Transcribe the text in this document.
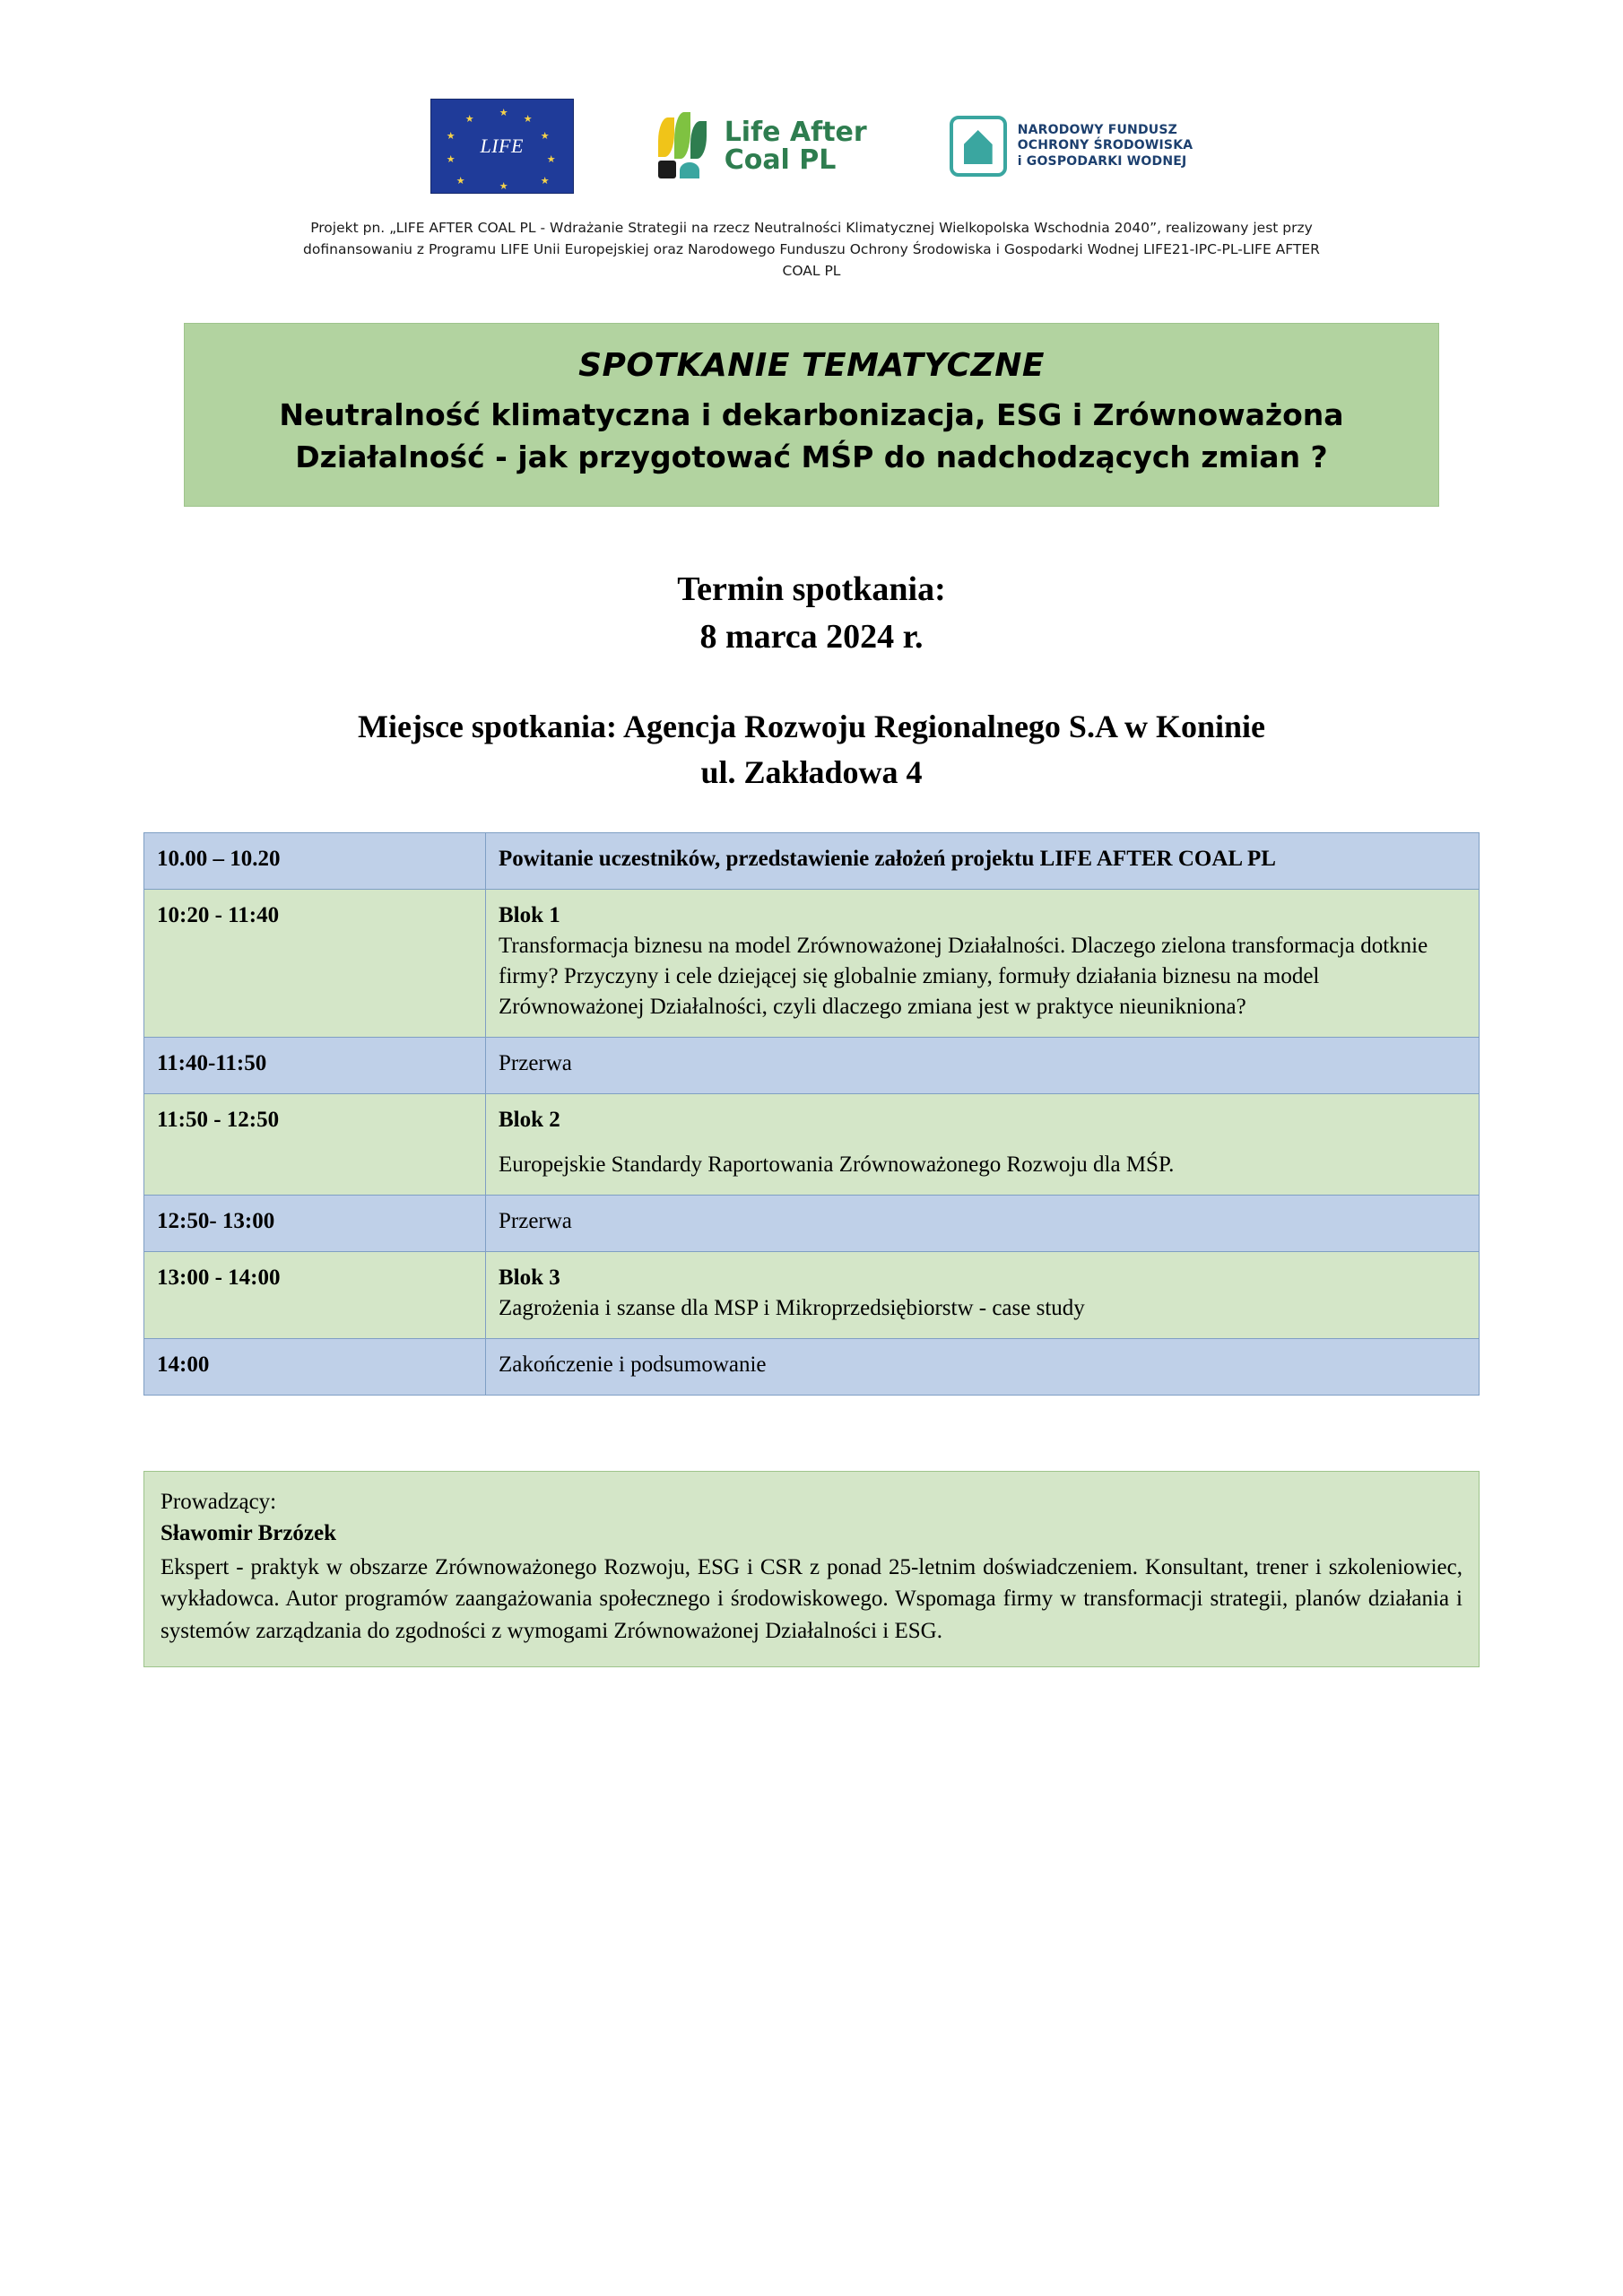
★
★
★
★
★
★
★
★
★
★
LIFE	Life After
Coal PL
NARODOWY FUNDUSZ
OCHRONY ŚRODOWISKA
i GOSPODARKI WODNEJ
Projekt pn. „LIFE AFTER COAL PL - Wdrażanie Strategii na rzecz Neutralności Klimatycznej Wielkopolska Wschodnia 2040”, realizowany jest przy dofinansowaniu z Programu LIFE Unii Europejskiej oraz Narodowego Funduszu Ochrony Środowiska i Gospodarki Wodnej LIFE21-IPC-PL-LIFE AFTER COAL PL
SPOTKANIE TEMATYCZNE
Neutralność klimatyczna i dekarbonizacja, ESG i Zrównoważona Działalność - jak przygotować MŚP do nadchodzących zmian ?
Termin spotkania:
8 marca 2024 r.
Miejsce spotkania: Agencja Rozwoju Regionalnego S.A w Koninie
ul. Zakładowa 4
10.00 – 10.20	Powitanie uczestników, przedstawienie założeń projektu LIFE AFTER COAL PL
10:20 - 11:40	Blok 1
Transformacja biznesu na model Zrównoważonej Działalności. Dlaczego zielona transformacja dotknie firmy? Przyczyny i cele dziejącej się globalnie zmiany, formuły działania biznesu na model Zrównoważonej Działalności, czyli dlaczego zmiana jest w praktyce nieunikniona?
11:40-11:50	Przerwa
11:50 - 12:50	Blok 2
Europejskie Standardy Raportowania Zrównoważonego Rozwoju dla MŚP.
12:50- 13:00	Przerwa
13:00 - 14:00	Blok 3
Zagrożenia i szanse dla MSP i Mikroprzedsiębiorstw - case study
14:00	Zakończenie i podsumowanie
Prowadzący:
Sławomir Brzózek
Ekspert - praktyk w obszarze Zrównoważonego Rozwoju, ESG i CSR z ponad 25-letnim doświadczeniem. Konsultant, trener i szkoleniowiec, wykładowca. Autor programów zaangażowania społecznego i środowiskowego. Wspomaga firmy w transformacji strategii, planów działania i systemów zarządzania do zgodności z wymogami Zrównoważonej Działalności i ESG.
